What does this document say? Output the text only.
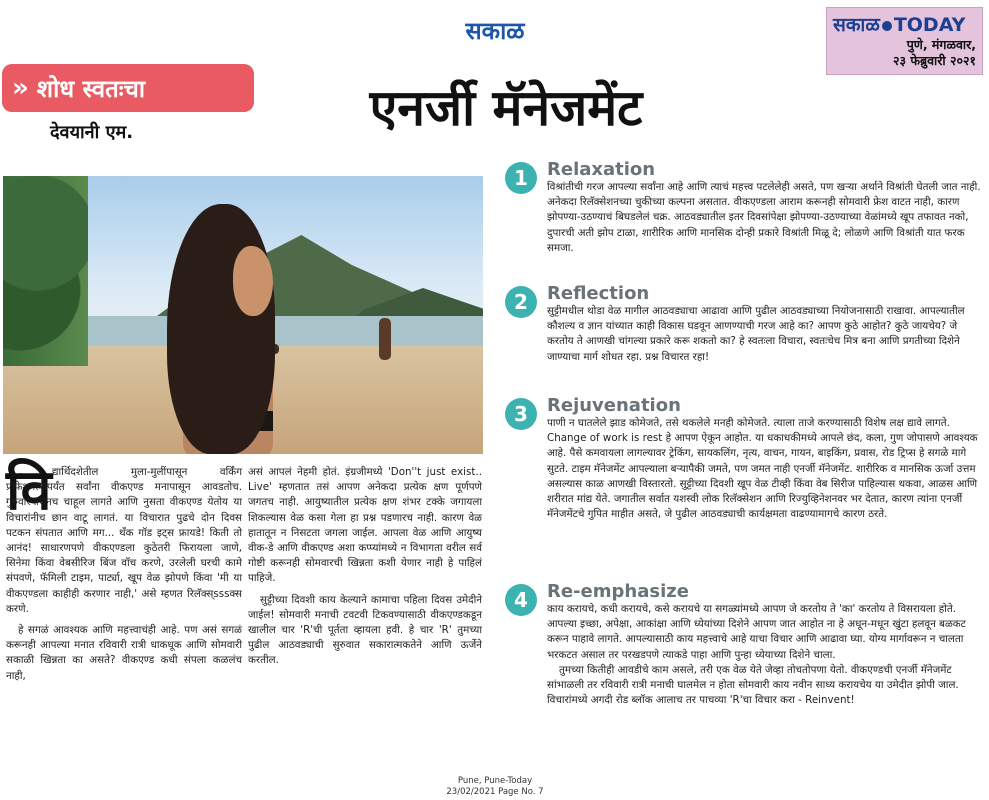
सकाळ	सकाळ TODAY
पुणे, मंगळवार,
२३ फेब्रुवारी २०२१
» शोध स्वतःचा
देवयानी एम.	एनर्जी मॅनेजमेंट
वि द्यार्थिदशेतील मुला-मुलींपासून वर्किंग प्रोफेशनल्सपर्यंत सर्वांना वीकएण्ड मनापासून आवडतोच. गुरुवारपासूनच चाहूल लागते आणि नुसता वीकएण्ड येतोय या विचारांनीच छान वाटू लागतं. या विचारात पुढचे दोन दिवस पटकन संपतात आणि मग... थँक गॉड इट्स फ्रायडे! किती तो आनंद! साधारणपणे वीकएण्डला कुठेतरी फिरायला जाणे, सिनेमा किंवा वेबसीरिज बिंज वॉच करणे, उरलेली घरची कामे संपवणे, फॅमिली टाइम, पार्ट्या, खूप वेळ झोपणे किंवा 'मी या वीकएण्डला काहीही करणार नाही,' असे म्हणत रिलॅक्स्sssक्स करणे.

हे सगळं आवश्यक आणि महत्त्वाचंही आहे. पण असं सगळं करूनही आपल्या मनात रविवारी रात्री धाकधूक आणि सोमवारी सकाळी खिन्नता का असते? वीकएण्ड कधी संपला कळलंच नाही,

असं आपलं नेहमी होतं. इंग्रजीमध्ये 'Don''t just exist.. Live' म्हणतात तसं आपण अनेकदा प्रत्येक क्षण पूर्णपणे जगतच नाही. आयुष्यातील प्रत्येक क्षण शंभर टक्के जगायला शिकल्यास वेळ कसा गेला हा प्रश्न पडणारच नाही. कारण वेळ हातातून न निसटता जगला जाईल. आपला वेळ आणि आयुष्य वीक-डे आणि वीकएण्ड अशा कप्प्यांमध्ये न विभागता वरील सर्व गोष्टी करूनही सोमवारची खिन्नता कशी येणार नाही हे पाहिलं पाहिजे.

सुट्टीच्या दिवशी काय केल्याने कामाचा पहिला दिवस उमेदीने जाईल! सोमवारी मनाची टवटवी टिकवण्यासाठी वीकएण्डकडून खालील चार 'R'ची पूर्तता व्हायला हवी. हे चार 'R' तुमच्या पुढील आठवड्याची सुरुवात सकारात्मकतेने आणि ऊर्जेने करतील.

1	Relaxation

विश्रांतीची गरज आपल्या सर्वांना आहे आणि त्याचं महत्त्व पटलेलेही असते, पण खऱ्या अर्थाने विश्रांती घेतली जात नाही. अनेकदा रिलॅक्सेशनच्या चुकीच्या कल्पना असतात. वीकएण्डला आराम करूनही सोमवारी फ्रेश वाटत नाही, कारण झोपण्या-उठण्याचं बिघडलेलं चक्र. आठवड्यातील इतर दिवसांपेक्षा झोपण्या-उठण्याच्या वेळांमध्ये खूप तफावत नको, दुपारची अती झोप टाळा, शारीरिक आणि मानसिक दोन्ही प्रकारे विश्रांती मिळू दे; लोळणे आणि विश्रांती यात फरक समजा.

2	Reflection

सुट्टीमधील थोडा वेळ मागील आठवड्याचा आढावा आणि पुढील आठवड्याच्या नियोजनासाठी राखावा. आपल्यातील कौशल्य व ज्ञान यांच्यात काही विकास घडवून आणण्याची गरज आहे का? आपण कुठे आहोत? कुठे जायचेय? जे करतोय ते आणखी चांगल्या प्रकारे करू शकतो का? हे स्वतःला विचारा, स्वतःचेच मित्र बना आणि प्रगतीच्या दिशेने जाण्याचा मार्ग शोधत रहा. प्रश्न विचारत रहा!

3	Rejuvenation

पाणी न घातलेले झाड कोमेजते, तसे थकलेले मनही कोमेजते. त्याला ताजे करण्यासाठी विशेष लक्ष द्यावे लागते. Change of work is rest हे आपण ऐकून आहोत. या धकाधकीमध्ये आपले छंद, कला, गुण जोपासणे आवश्यक आहे. पैसे कमवायला लागल्यावर ट्रेकिंग, सायकलिंग, नृत्य, वाचन, गायन, बाइकिंग, प्रवास, रोड ट्रिप्स हे सगळे मागे सुटते. टाइम मॅनेजमेंट आपल्याला बऱ्यापैकी जमते, पण जमत नाही एनर्जी मॅनेजमेंट. शारीरिक व मानसिक ऊर्जा उत्तम असल्यास काळ आणखी विस्तारतो. सुट्टीच्या दिवशी खूप वेळ टीव्ही किंवा वेब सिरीज पाहिल्यास थकवा, आळस आणि शरीरात मांद्य येते. जगातील सर्वात यशस्वी लोक रिलॅक्सेशन आणि रिज्युव्हिनेशनवर भर देतात, कारण त्यांना एनर्जी मॅनेजमेंटचे गुपित माहीत असते, जे पुढील आठवड्याची कार्यक्षमता वाढण्यामागचे कारण ठरते.

4	Re-emphasize

काय करायचे, कधी करायचे, कसे करायचे या सगळ्यांमध्ये आपण जे करतोय ते 'का' करतोय ते विसरायला होते. आपल्या इच्छा, अपेक्षा, आकांक्षा आणि ध्येयांच्या दिशेने आपण जात आहोत ना हे अधून-मधून खुंटा हलवून बळकट करून पाहावे लागते. आपल्यासाठी काय महत्त्वाचे आहे याचा विचार आणि आढावा घ्या. योग्य मार्गावरून न चालता भरकटत असाल तर परखडपणे त्याकडे पाहा आणि पुन्हा ध्येयाच्या दिशेने चाला.

तुमच्या कितीही आवडीचे काम असले, तरी एक वेळ येते जेव्हा तोचतोपणा येतो. वीकएण्डची एनर्जी मॅनेजमेंट सांभाळली तर रविवारी रात्री मनाची घालमेल न होता सोमवारी काय नवीन साध्य करायचेय या उमेदीत झोपी जाल. विचारांमध्ये अगदी रोड ब्लॉक आलाच तर पाचव्या 'R'चा विचार करा - Reinvent!

Pune, Pune-Today
23/02/2021 Page No. 7
